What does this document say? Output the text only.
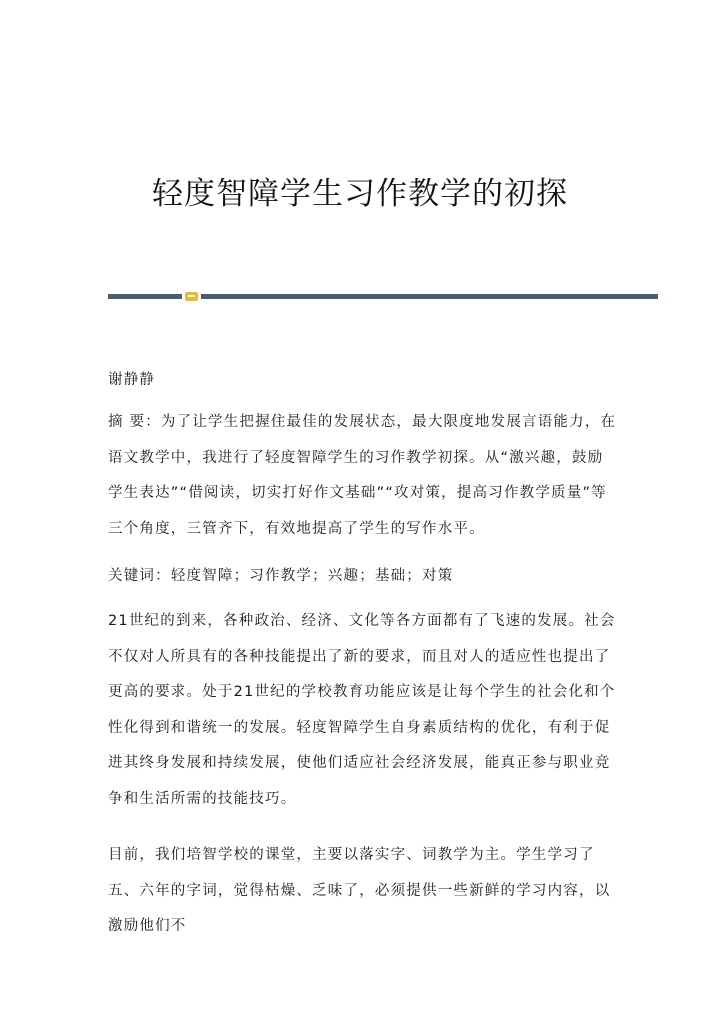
轻度智障学生习作教学的初探
谢静静

摘 要：为了让学生把握住最佳的发展状态，最大限度地发展言语能力，在语文教学中，我进行了轻度智障学生的习作教学初探。从“激兴趣，鼓励学生表达”“借阅读，切实打好作文基础”“攻对策，提高习作教学质量”等三个角度，三管齐下，有效地提高了学生的写作水平。

关键词：轻度智障；习作教学；兴趣；基础；对策

21世纪的到来，各种政治、经济、文化等各方面都有了飞速的发展。社会不仅对人所具有的各种技能提出了新的要求，而且对人的适应性也提出了更高的要求。处于21世纪的学校教育功能应该是让每个学生的社会化和个性化得到和谐统一的发展。轻度智障学生自身素质结构的优化，有利于促进其终身发展和持续发展，使他们适应社会经济发展，能真正参与职业竞争和生活所需的技能技巧。

目前，我们培智学校的课堂，主要以落实字、词教学为主。学生学习了五、六年的字词，觉得枯燥、乏味了，必须提供一些新鲜的学习内容，以激励他们不
